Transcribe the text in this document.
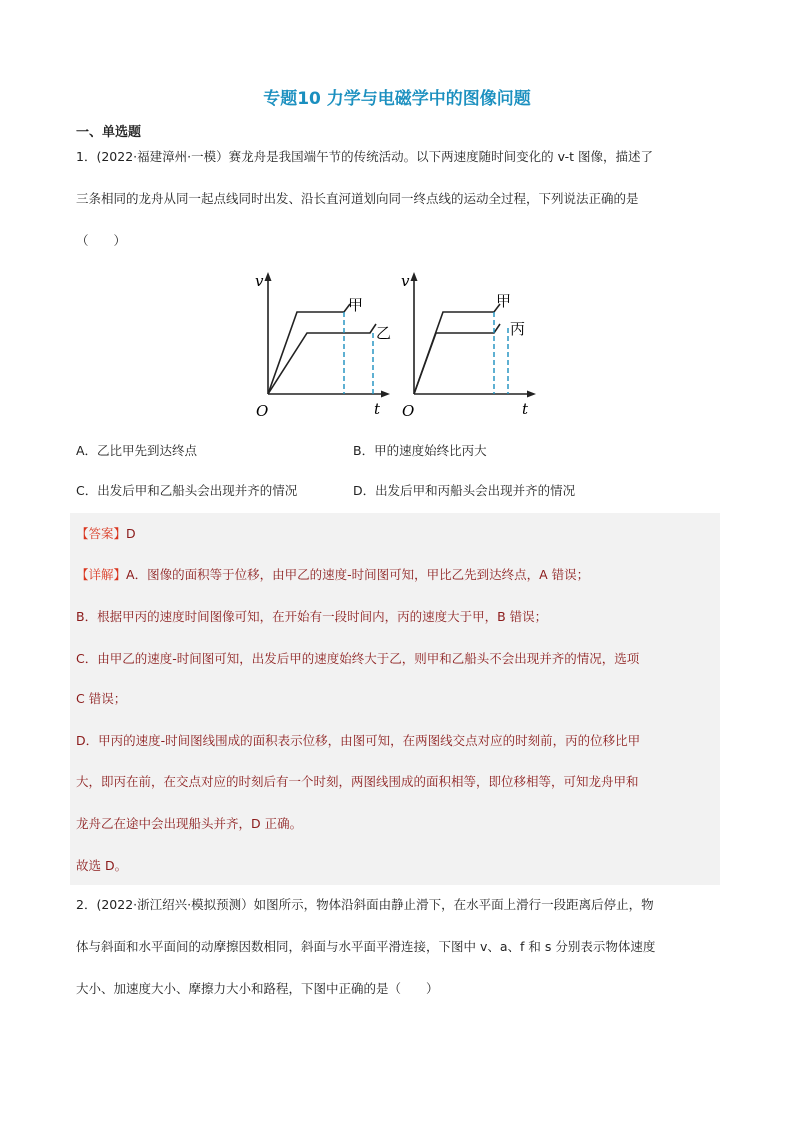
专题10 力学与电磁学中的图像问题
一、单选题
1．(2022·福建漳州·一模）赛龙舟是我国端午节的传统活动。以下两速度随时间变化的 v-t 图像，描述了
三条相同的龙舟从同一起点线同时出发、沿长直河道划向同一终点线的运动全过程，下列说法正确的是
（　　）
v
t
O
甲
乙
v
t
O
甲
丙
A．乙比甲先到达终点	B．甲的速度始终比丙大
C．出发后甲和乙船头会出现并齐的情况	D．出发后甲和丙船头会出现并齐的情况
【答案】D
【详解】A．图像的面积等于位移，由甲乙的速度-时间图可知，甲比乙先到达终点，A 错误；
B．根据甲丙的速度时间图像可知，在开始有一段时间内，丙的速度大于甲，B 错误；
C．由甲乙的速度-时间图可知，出发后甲的速度始终大于乙，则甲和乙船头不会出现并齐的情况，选项
C 错误；
D．甲丙的速度-时间图线围成的面积表示位移，由图可知，在两图线交点对应的时刻前，丙的位移比甲
大，即丙在前，在交点对应的时刻后有一个时刻，两图线围成的面积相等，即位移相等，可知龙舟甲和
龙舟乙在途中会出现船头并齐，D 正确。
故选 D。
2．(2022·浙江绍兴·模拟预测）如图所示，物体沿斜面由静止滑下，在水平面上滑行一段距离后停止，物
体与斜面和水平面间的动摩擦因数相同，斜面与水平面平滑连接，下图中 v、a、f 和 s 分别表示物体速度
大小、加速度大小、摩擦力大小和路程，下图中正确的是（　　）
